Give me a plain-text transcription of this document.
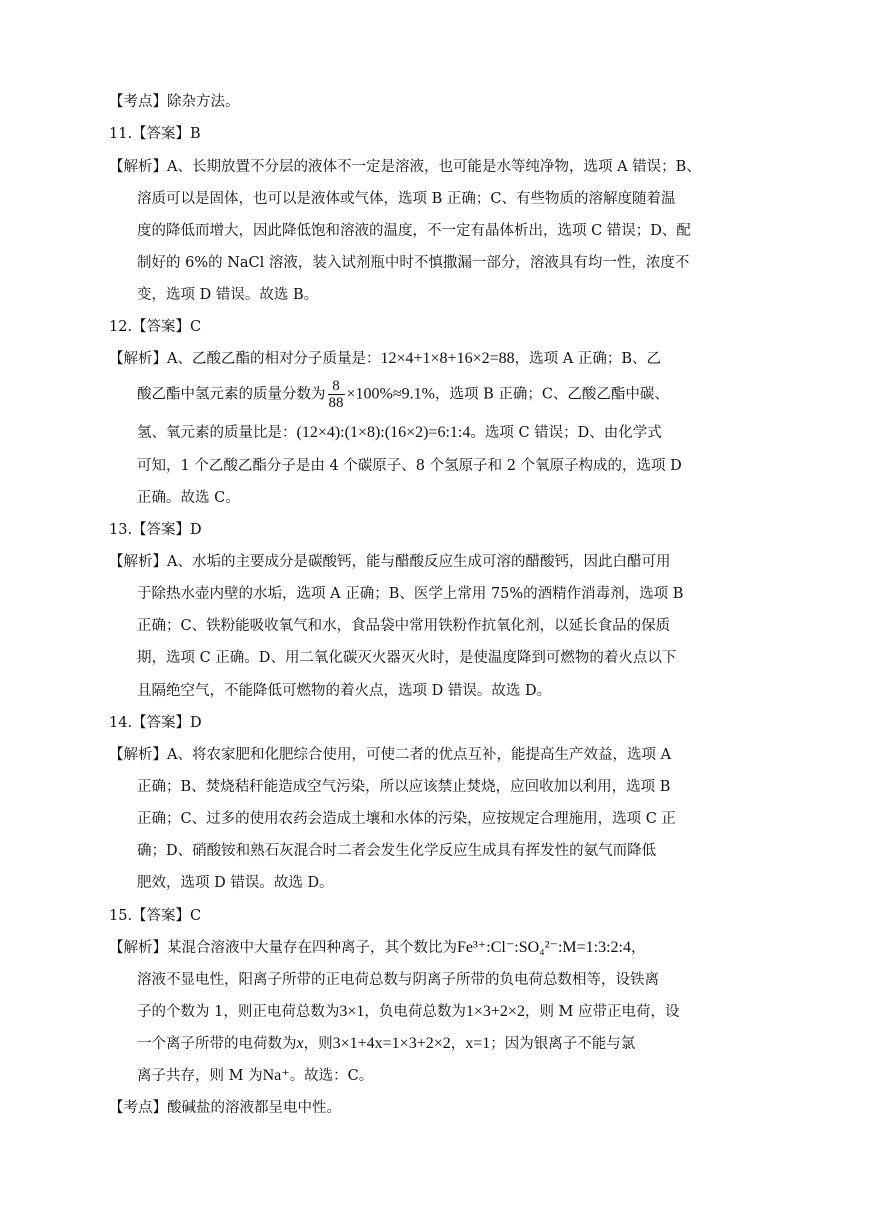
【考点】除杂方法。
11.【答案】B
【解析】A、长期放置不分层的液体不一定是溶液，也可能是水等纯净物，选项 A 错误；B、
溶质可以是固体，也可以是液体或气体，选项 B 正确；C、有些物质的溶解度随着温
度的降低而增大，因此降低饱和溶液的温度，不一定有晶体析出，选项 C 错误；D、配
制好的 6%的 NaCl 溶液，装入试剂瓶中时不慎撒漏一部分，溶液具有均一性，浓度不
变，选项 D 错误。故选 B。
12.【答案】C
【解析】A、乙酸乙酯的相对分子质量是：12×4+1×8+16×2=88，选项 A 正确；B、乙
酸乙酯中氢元素的质量分数为 $\frac{8}{88} \times 100\%\approx 9.1\%$，选项 B 正确；C、乙酸乙酯中碳、
氢、氧元素的质量比是：(12×4):(1×8):(16×2)=6:1:4。选项 C 错误；D、由化学式
可知，1 个乙酸乙酯分子是由 4 个碳原子、8 个氢原子和 2 个氧原子构成的，选项 D
正确。故选 C。
13.【答案】D
【解析】A、水垢的主要成分是碳酸钙，能与醋酸反应生成可溶的醋酸钙，因此白醋可用
于除热水壶内壁的水垢，选项 A 正确；B、医学上常用 75%的酒精作消毒剂，选项 B
正确；C、铁粉能吸收氧气和水，食品袋中常用铁粉作抗氧化剂，以延长食品的保质
期，选项 C 正确。D、用二氧化碳灭火器灭火时，是使温度降到可燃物的着火点以下
且隔绝空气，不能降低可燃物的着火点，选项 D 错误。故选 D。
14.【答案】D
【解析】A、将农家肥和化肥综合使用，可使二者的优点互补，能提高生产效益，选项 A
正确；B、焚烧秸秆能造成空气污染，所以应该禁止焚烧，应回收加以利用，选项 B
正确；C、过多的使用农药会造成土壤和水体的污染，应按规定合理施用，选项 C 正
确；D、硝酸铵和熟石灰混合时二者会发生化学反应生成具有挥发性的氨气而降低
肥效，选项 D 错误。故选 D。
15.【答案】C
【解析】某混合溶液中大量存在四种离子，其个数比为Fe³⁺:Cl⁻:SO₄²⁻:M=1:3:2:4，
溶液不显电性，阳离子所带的正电荷总数与阴离子所带的负电荷总数相等，设铁离
子的个数为 1，则正电荷总数为3×1，负电荷总数为1×3+2×2，则 M 应带正电荷，设
一个离子所带的电荷数为x，则3×1+4x=1×3+2×2，x=1；因为银离子不能与氯
离子共存，则 M 为Na⁺。故选：C。
【考点】酸碱盐的溶液都呈电中性。
